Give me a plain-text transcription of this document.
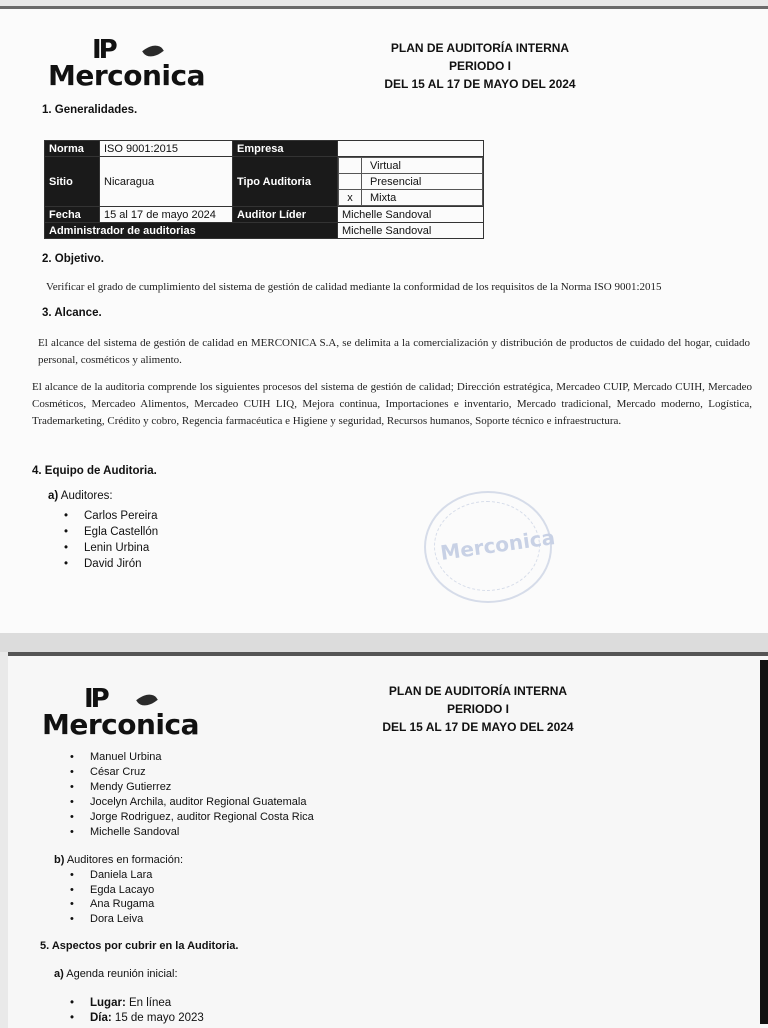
IP
Merconica
PLAN DE AUDITORÍA INTERNA
PERIODO I
DEL 15 AL 17 DE MAYO DEL 2024
1. Generalidades.
Norma	ISO 9001:2015	Empresa	
Sitio	Nicaragua	Tipo Auditoria	
	Virtual
	Presencial
x	Mixta

Fecha	15 al 17 de mayo 2024	Auditor Líder	Michelle Sandoval
Administrador de auditorias	Michelle Sandoval
2. Objetivo.
Verificar el grado de cumplimiento del sistema de gestión de calidad mediante la conformidad de los requisitos de la Norma ISO 9001:2015
3. Alcance.
El alcance del sistema de gestión de calidad en MERCONICA S.A, se delimita a la comercialización y distribución de productos de cuidado del hogar, cuidado personal, cosméticos y alimento.
El alcance de la auditoria comprende los siguientes procesos del sistema de gestión de calidad; Dirección estratégica, Mercadeo CUIP, Mercado CUIH, Mercadeo Cosméticos, Mercadeo Alimentos, Mercadeo CUIH LIQ, Mejora continua, Importaciones e inventario, Mercado tradicional, Mercado moderno, Logística, Trademarketing, Crédito y cobro, Regencia farmacéutica e Higiene y seguridad, Recursos humanos, Soporte técnico e infraestructura.
4. Equipo de Auditoria.
a) Auditores:
• Carlos Pereira
• Egla Castellón
• Lenin Urbina
• David Jirón	Merconica
IP
Merconica
PLAN DE AUDITORÍA INTERNA
PERIODO I
DEL 15 AL 17 DE MAYO DEL 2024
• Manuel Urbina
• César Cruz
• Mendy Gutierrez
• Jocelyn Archila, auditor Regional Guatemala
• Jorge Rodriguez, auditor Regional Costa Rica
• Michelle Sandoval
b) Auditores en formación:
• Daniela Lara
• Egda Lacayo
• Ana Rugama
• Dora Leiva
5. Aspectos por cubrir en la Auditoria.
a) Agenda reunión inicial:
• Lugar: En línea
• Día: 15 de mayo 2023
